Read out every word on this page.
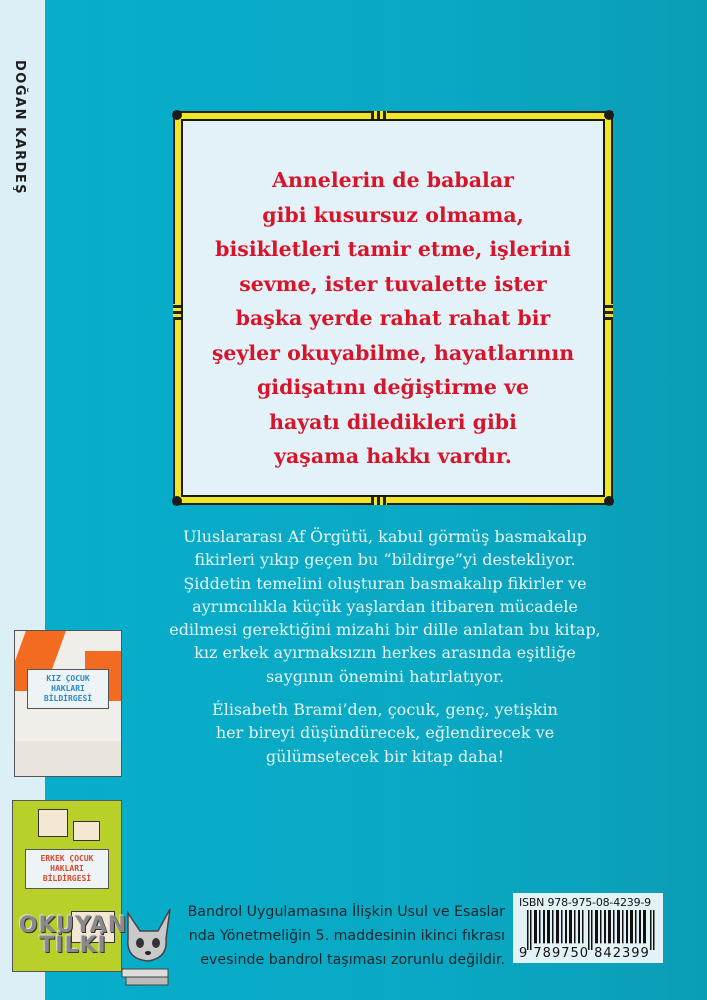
DOĞAN KARDEŞ	Annelerin de babalar
gibi kusursuz olmama,
bisikletleri tamir etme, işlerini
sevme, ister tuvalette ister
başka yerde rahat rahat bir
şeyler okuyabilme, hayatlarının
gidişatını değiştirme ve
hayatı diledikleri gibi
yaşama hakkı vardır.
Uluslararası Af Örgütü, kabul görmüş basmakalıp
fikirleri yıkıp geçen bu “bildirge”yi destekliyor.
Şiddetin temelini oluşturan basmakalıp fikirler ve
ayrımcılıkla küçük yaşlardan itibaren mücadele
edilmesi gerektiğini mizahi bir dille anlatan bu kitap,
kız erkek ayırmaksızın herkes arasında eşitliğe
saygının önemini hatırlatıyor.
Élisabeth Brami’den, çocuk, genç, yetişkin
her bireyi düşündürecek, eğlendirecek ve
gülümsetecek bir kitap daha!
KIZ ÇOCUK
HAKLARI
BİLDİRGESİ
ERKEK ÇOCUK
HAKLARI
BİLDİRGESİ
OKUYAN
TİLKİ
Bandrol Uygulamasına İlişkin Usul ve Esaslar
nda Yönetmeliğin 5. maddesinin ikinci fıkrası
evesinde bandrol taşıması zorunlu değildir.
ISBN 978-975-08-4239-9
9 789750 842399
